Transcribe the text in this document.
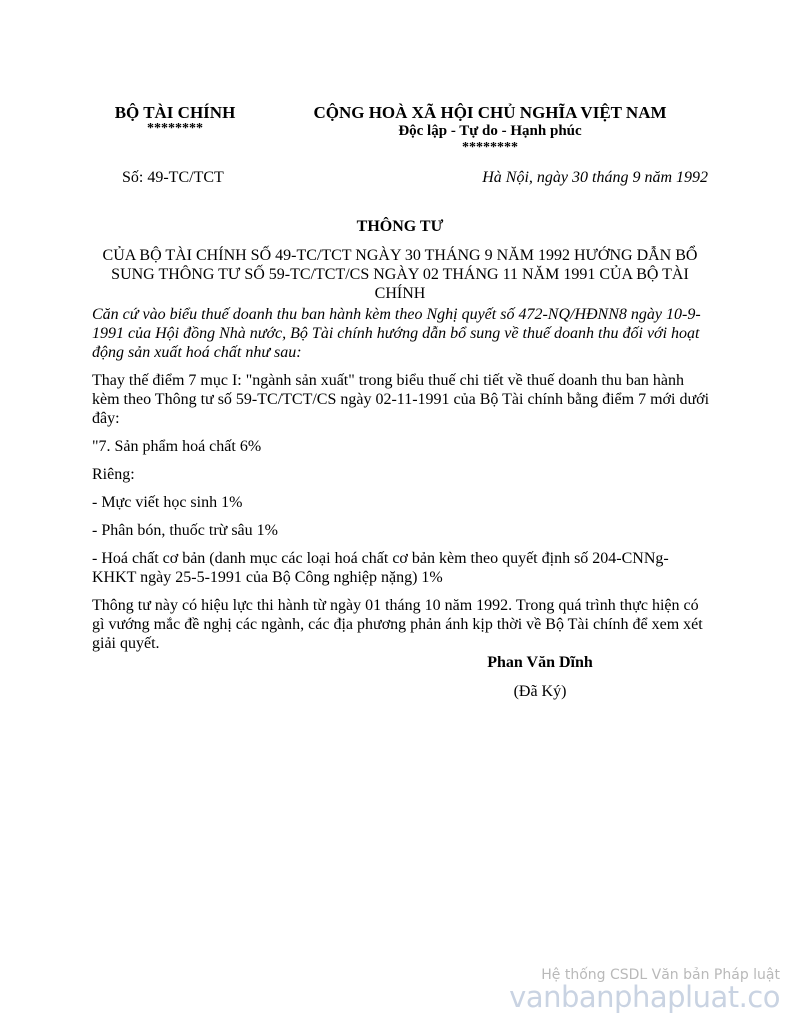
BỘ TÀI CHÍNH
********
CỘNG HOÀ XÃ HỘI CHỦ NGHĨA VIỆT NAM
Độc lập - Tự do - Hạnh phúc
********
Số: 49-TC/TCT	Hà Nội, ngày 30 tháng 9 năm 1992
THÔNG TƯ
CỦA BỘ TÀI CHÍNH SỐ 49-TC/TCT NGÀY 30 THÁNG 9 NĂM 1992 HƯỚNG DẪN BỔ SUNG THÔNG TƯ SỐ 59-TC/TCT/CS NGÀY 02 THÁNG 11 NĂM 1991 CỦA BỘ TÀI CHÍNH

Căn cứ vào biểu thuế doanh thu ban hành kèm theo Nghị quyết số 472-NQ/HĐNN8 ngày 10-9-1991 của Hội đồng Nhà nước, Bộ Tài chính hướng dẫn bổ sung về thuế doanh thu đối với hoạt động sản xuất hoá chất như sau:

Thay thế điểm 7 mục I: "ngành sản xuất" trong biểu thuế chi tiết về thuế doanh thu ban hành kèm theo Thông tư số 59-TC/TCT/CS ngày 02-11-1991 của Bộ Tài chính bằng điểm 7 mới dưới đây:

"7. Sản phẩm hoá chất 6%

Riêng:

- Mực viết học sinh 1%

- Phân bón, thuốc trừ sâu 1%

- Hoá chất cơ bản (danh mục các loại hoá chất cơ bản kèm theo quyết định số 204-CNNg-KHKT ngày 25-5-1991 của Bộ Công nghiệp nặng) 1%

Thông tư này có hiệu lực thi hành từ ngày 01 tháng 10 năm 1992. Trong quá trình thực hiện có gì vướng mắc đề nghị các ngành, các địa phương phản ánh kịp thời về Bộ Tài chính để xem xét giải quyết.

Phan Văn Dĩnh
(Đã Ký)
Hệ thống CSDL Văn bản Pháp luật
vanbanphapluat.co
